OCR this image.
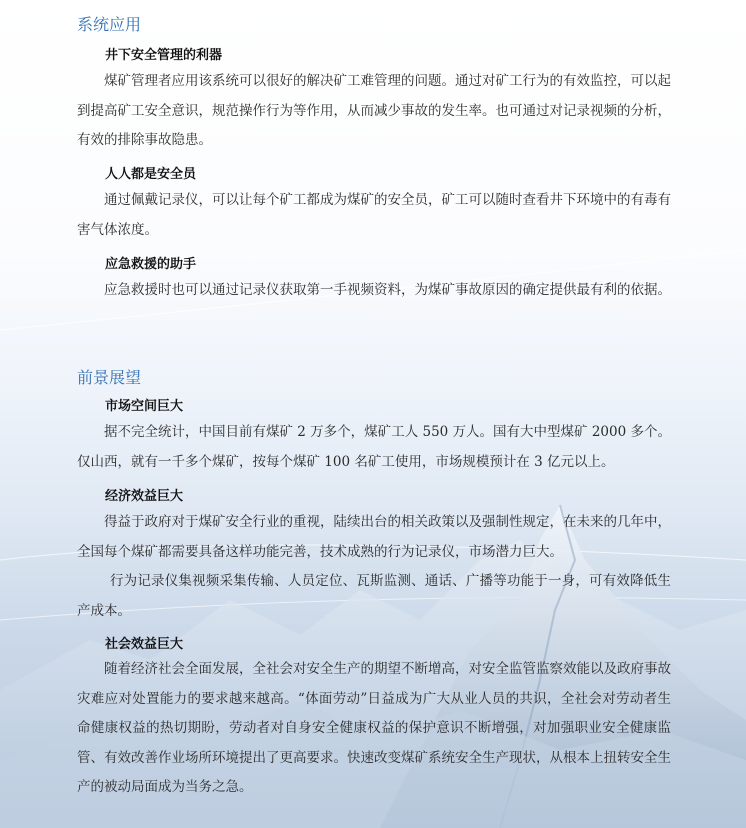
系统应用
井下安全管理的利器

煤矿管理者应用该系统可以很好的解决矿工难管理的问题。通过对矿工行为的有效监控，可以起到提高矿工安全意识，规范操作行为等作用，从而减少事故的发生率。也可通过对记录视频的分析，有效的排除事故隐患。

人人都是安全员

通过佩戴记录仪，可以让每个矿工都成为煤矿的安全员，矿工可以随时查看井下环境中的有毒有害气体浓度。

应急救援的助手

应急救援时也可以通过记录仪获取第一手视频资料，为煤矿事故原因的确定提供最有利的依据。

前景展望
市场空间巨大

据不完全统计，中国目前有煤矿 2 万多个，煤矿工人 550 万人。国有大中型煤矿 2000 多个。仅山西，就有一千多个煤矿，按每个煤矿 100 名矿工使用，市场规模预计在 3 亿元以上。

经济效益巨大

得益于政府对于煤矿安全行业的重视，陆续出台的相关政策以及强制性规定，在未来的几年中，全国每个煤矿都需要具备这样功能完善，技术成熟的行为记录仪，市场潜力巨大。

行为记录仪集视频采集传输、人员定位、瓦斯监测、通话、广播等功能于一身，可有效降低生产成本。

社会效益巨大

随着经济社会全面发展，全社会对安全生产的期望不断增高，对安全监管监察效能以及政府事故灾难应对处置能力的要求越来越高。“体面劳动”日益成为广大从业人员的共识，全社会对劳动者生命健康权益的热切期盼，劳动者对自身安全健康权益的保护意识不断增强，对加强职业安全健康监管、有效改善作业场所环境提出了更高要求。快速改变煤矿系统安全生产现状，从根本上扭转安全生产的被动局面成为当务之急。
